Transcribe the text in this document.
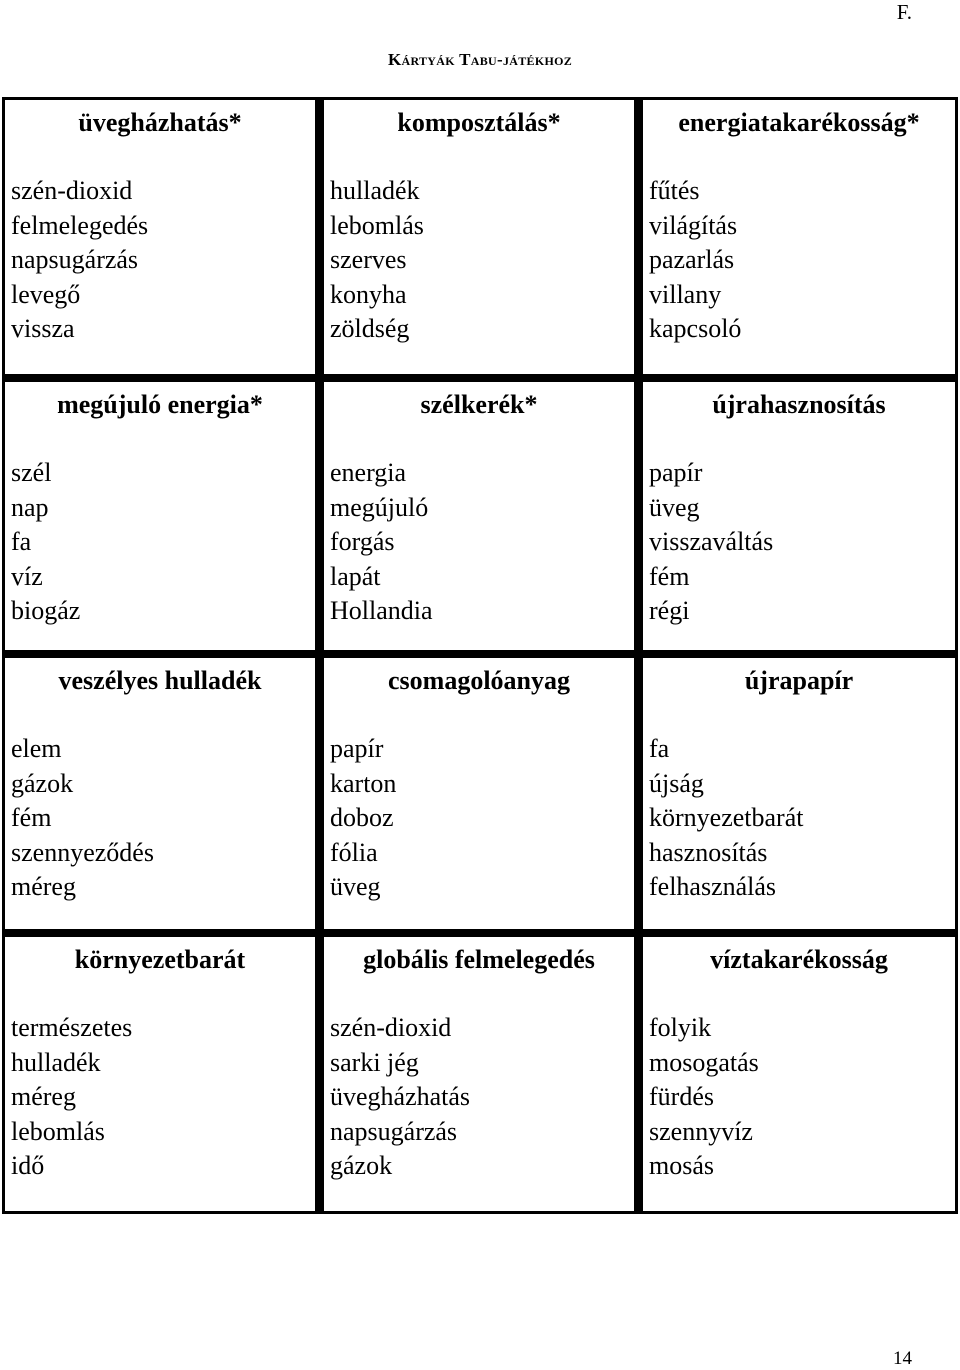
F.
Kártyák Tabu-játékhoz
üvegházhatás*
szén-dioxid
felmelegedés
napsugárzás
levegő
vissza
komposztálás*
hulladék
lebomlás
szerves
konyha
zöldség
energiatakarékosság*
fűtés
világítás
pazarlás
villany
kapcsoló
megújuló energia*
szél
nap
fa
víz
biogáz
szélkerék*
energia
megújuló
forgás
lapát
Hollandia
újrahasznosítás
papír
üveg
visszaváltás
fém
régi
veszélyes hulladék
elem
gázok
fém
szennyeződés
méreg
csomagolóanyag
papír
karton
doboz
fólia
üveg
újrapapír
fa
újság
környezetbarát
hasznosítás
felhasználás
környezetbarát
természetes
hulladék
méreg
lebomlás
idő
globális felmelegedés
szén-dioxid
sarki jég
üvegházhatás
napsugárzás
gázok
víztakarékosság
folyik
mosogatás
fürdés
szennyvíz
mosás
14
